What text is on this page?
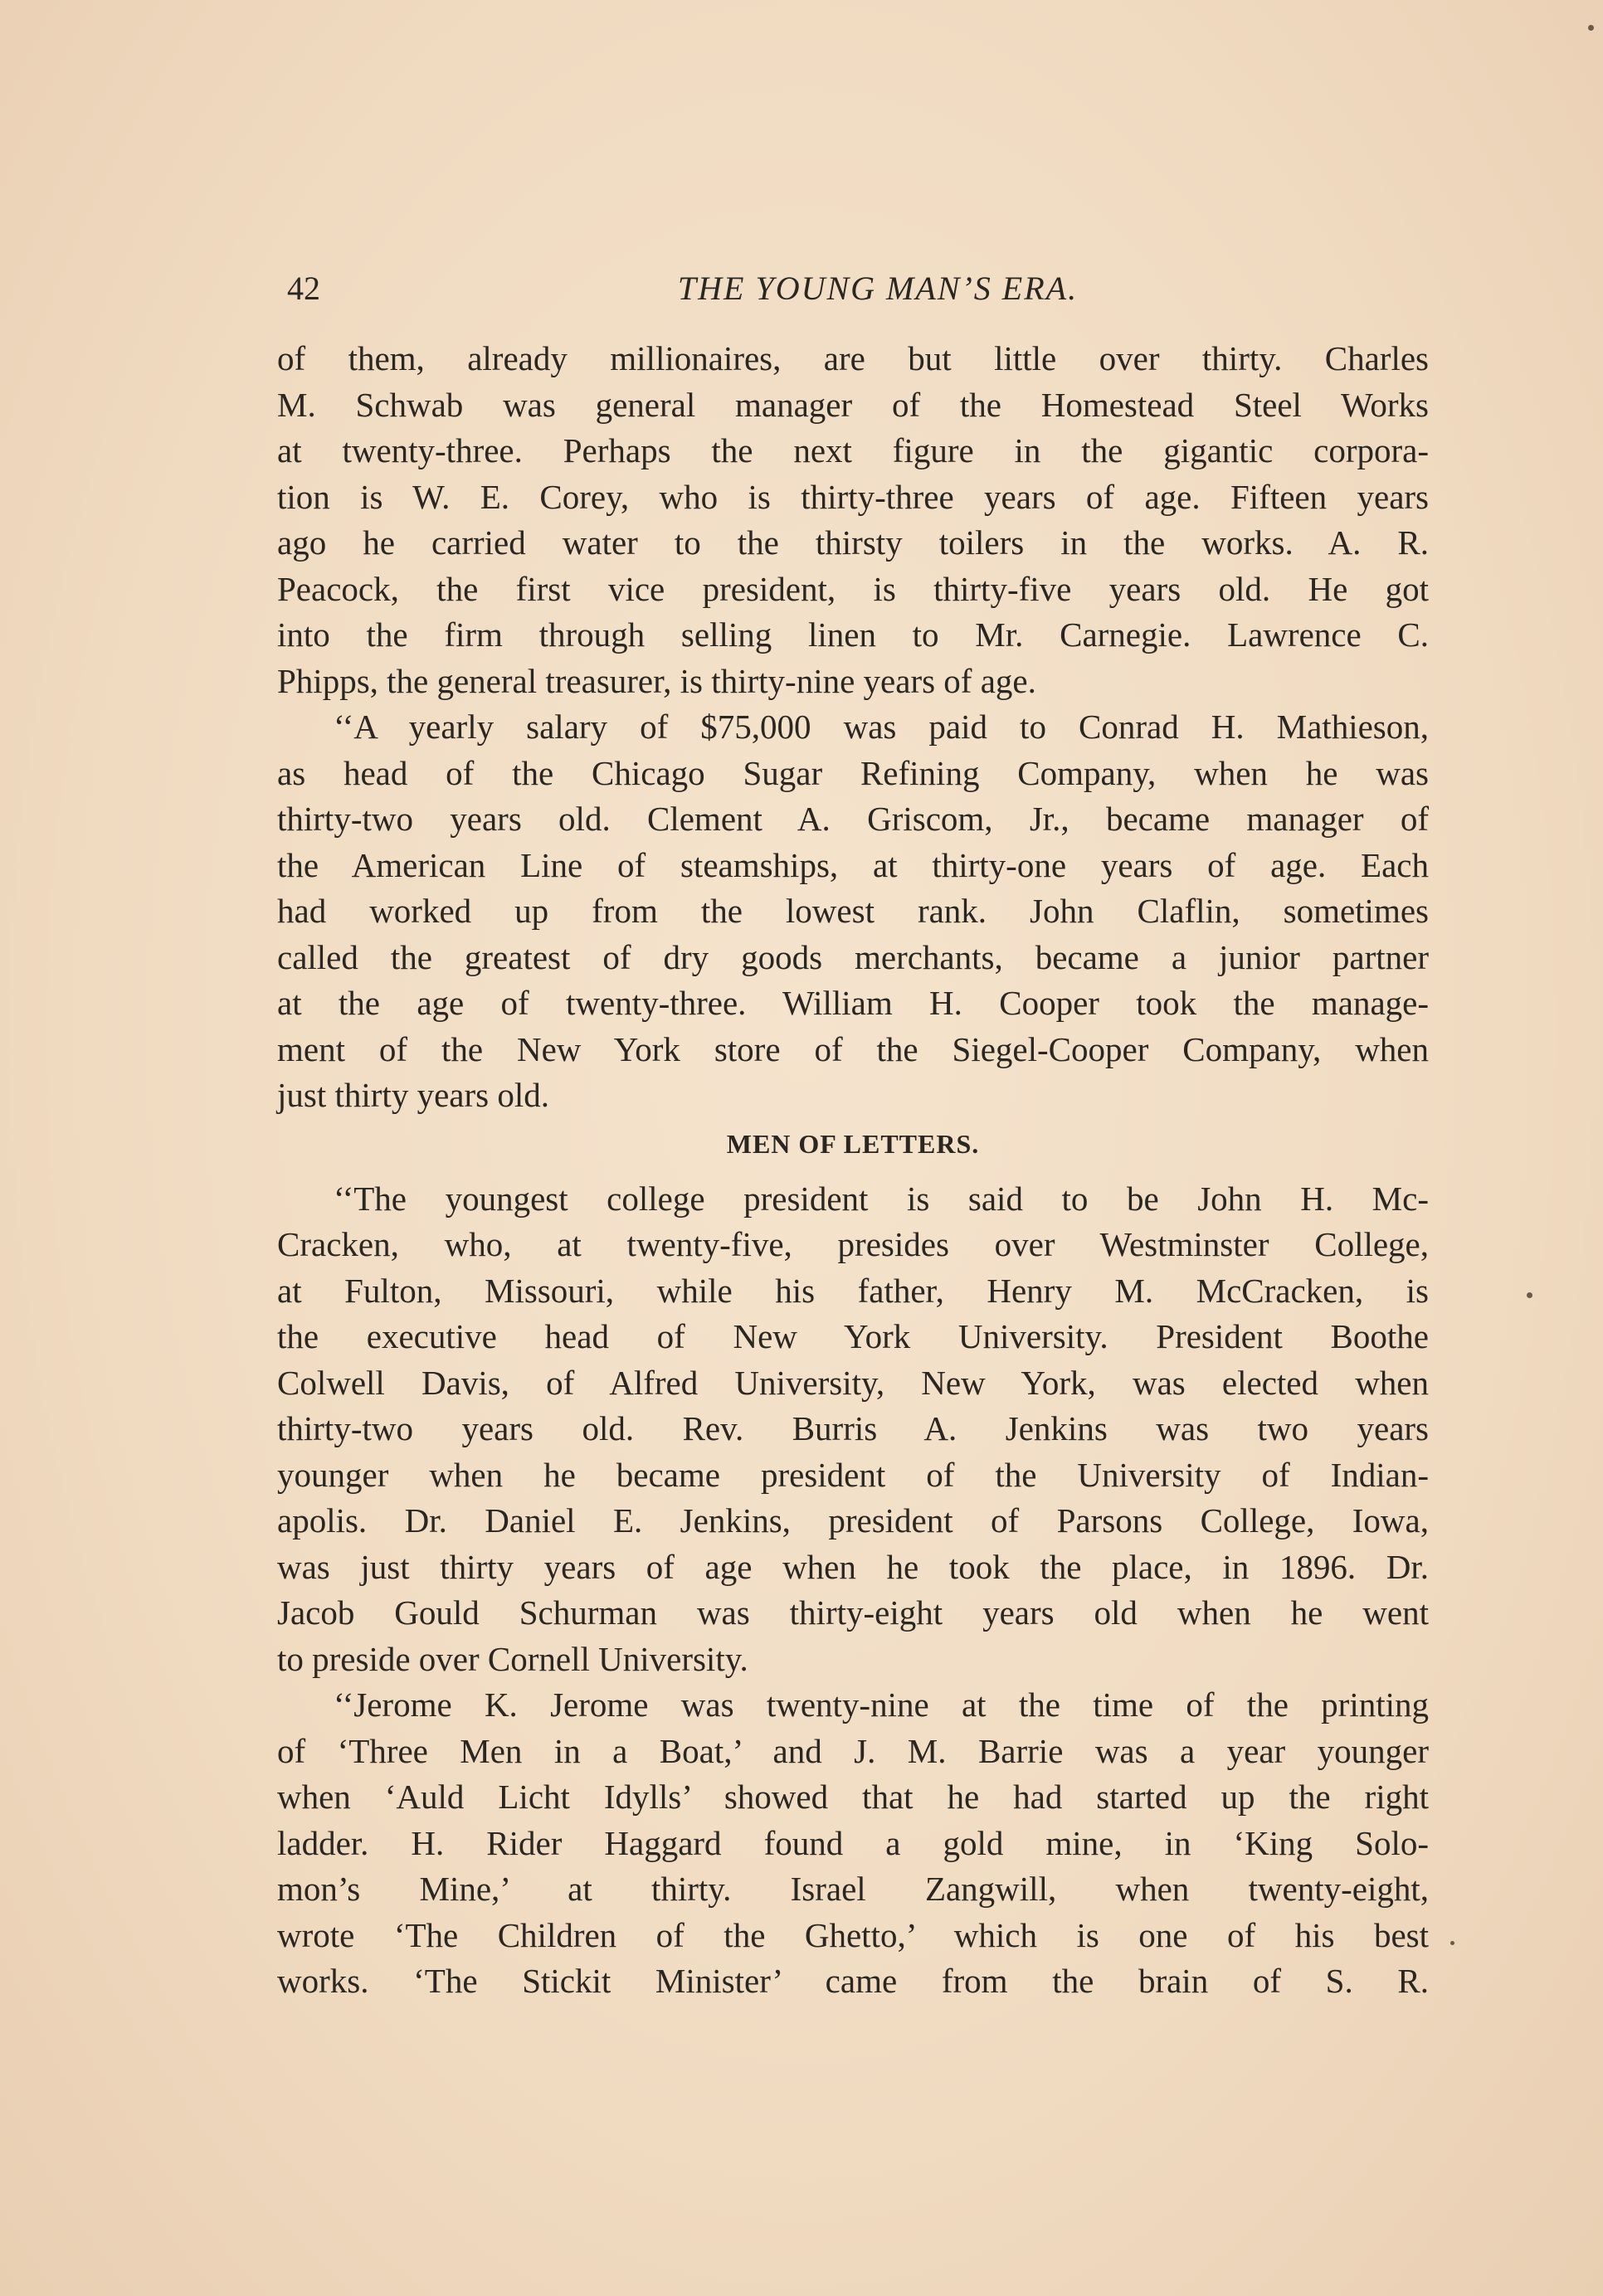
42	THE YOUNG MAN’S ERA.
of them, already millionaires, are but little over thirty. Charles
M. Schwab was general manager of the Homestead Steel Works
at twenty-three. Perhaps the next figure in the gigantic corpora-
tion is W. E. Corey, who is thirty-three years of age. Fifteen years
ago he carried water to the thirsty toilers in the works. A. R.
Peacock, the first vice president, is thirty-five years old. He got
into the firm through selling linen to Mr. Carnegie. Lawrence C.
Phipps, the general treasurer, is thirty-nine years of age.
‘‘A yearly salary of $75,000 was paid to Conrad H. Mathieson,
as head of the Chicago Sugar Refining Company, when he was
thirty-two years old. Clement A. Griscom, Jr., became manager of
the American Line of steamships, at thirty-one years of age. Each
had worked up from the lowest rank. John Claflin, sometimes
called the greatest of dry goods merchants, became a junior partner
at the age of twenty-three. William H. Cooper took the manage-
ment of the New York store of the Siegel-Cooper Company, when
just thirty years old.
MEN OF LETTERS.
‘‘The youngest college president is said to be John H. Mc-
Cracken, who, at twenty-five, presides over Westminster College,
at Fulton, Missouri, while his father, Henry M. McCracken, is
the executive head of New York University. President Boothe
Colwell Davis, of Alfred University, New York, was elected when
thirty-two years old. Rev. Burris A. Jenkins was two years
younger when he became president of the University of Indian-
apolis. Dr. Daniel E. Jenkins, president of Parsons College, Iowa,
was just thirty years of age when he took the place, in 1896. Dr.
Jacob Gould Schurman was thirty-eight years old when he went
to preside over Cornell University.
‘‘Jerome K. Jerome was twenty-nine at the time of the printing
of ‘Three Men in a Boat,’ and J. M. Barrie was a year younger
when ‘Auld Licht Idylls’ showed that he had started up the right
ladder. H. Rider Haggard found a gold mine, in ‘King Solo-
mon’s Mine,’ at thirty. Israel Zangwill, when twenty-eight,
wrote ‘The Children of the Ghetto,’ which is one of his best
works. ‘The Stickit Minister’ came from the brain of S. R.
